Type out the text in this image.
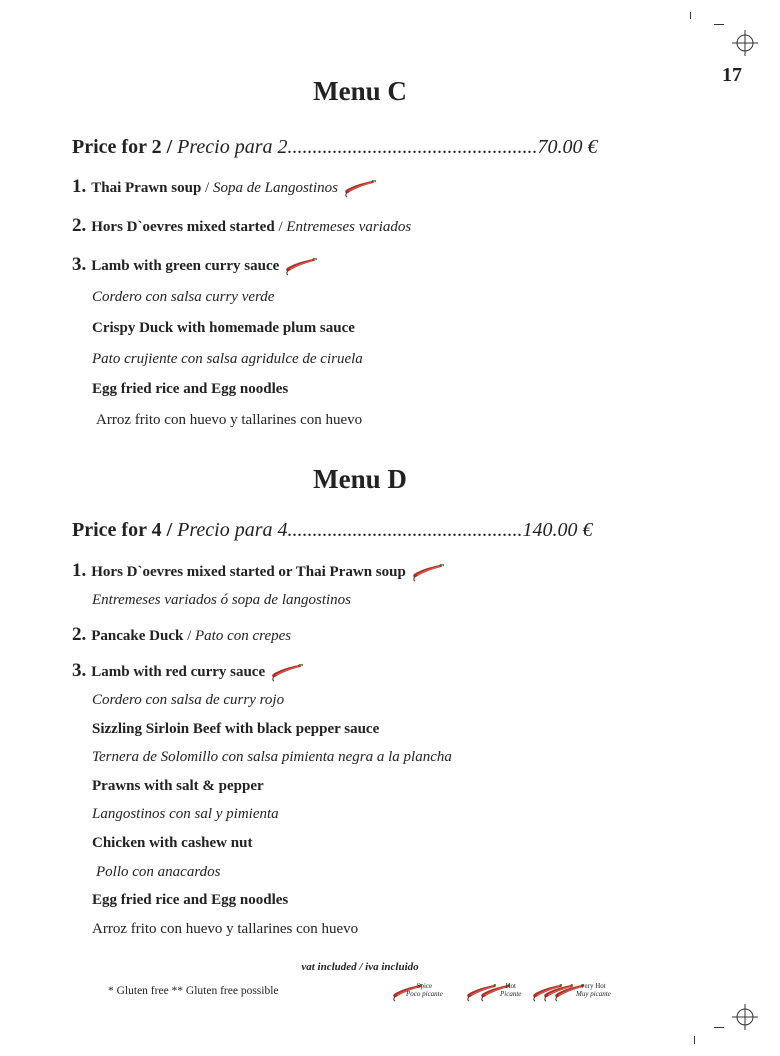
17
Menu C
Price for 2 / Precio para 2..................................................70.00 €
1. Thai Prawn soup / Sopa de Langostinos
2. Hors D`oevres mixed started / Entremeses variados
3. Lamb with green curry sauce
Cordero con salsa curry verde
Crispy Duck with homemade plum sauce
Pato crujiente con salsa agridulce de ciruela
Egg fried rice and Egg noodles
Arroz frito con huevo y tallarines con huevo
Menu D
Price for 4 / Precio para 4...............................................140.00 €
1. Hors D`oevres mixed started or Thai Prawn soup
Entremeses variados ó sopa de langostinos
2. Pancake Duck / Pato con crepes
3. Lamb with red curry sauce
Cordero con salsa de curry rojo
Sizzling Sirloin Beef with black pepper sauce
Ternera de Solomillo con salsa pimienta negra a la plancha
Prawns with salt & pepper
Langostinos con sal y pimienta
Chicken with cashew nut
Pollo con anacardos
Egg fried rice and Egg noodles
Arroz frito con huevo y tallarines con huevo
vat included / iva incluido
* Gluten free ** Gluten free possible	Spice
Poco picante
Hot
Picante
very Hot
Muy picante
